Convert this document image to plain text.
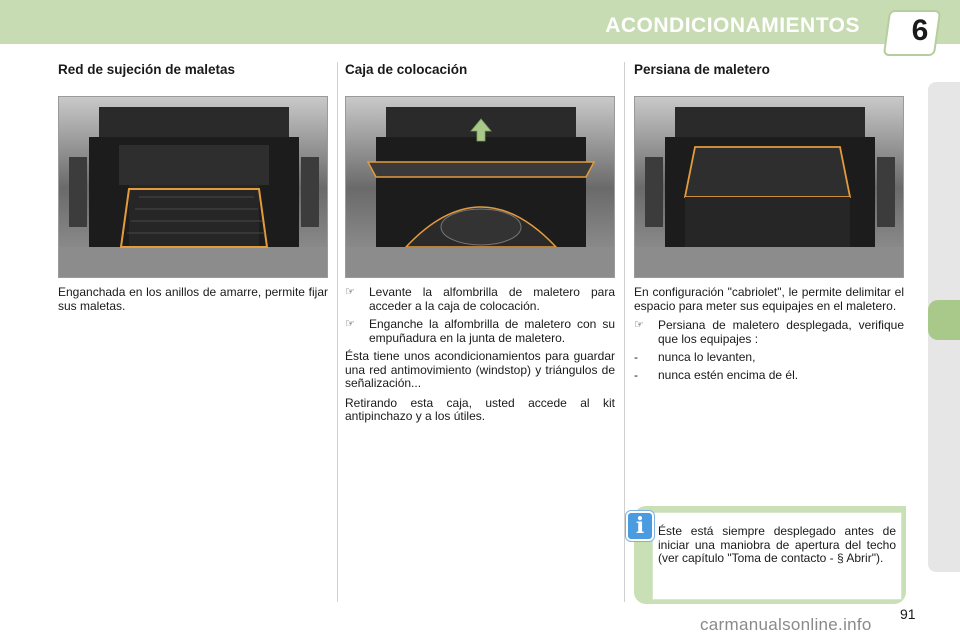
ACONDICIONAMIENTOS	6
Red de sujeción de maletas	Caja de colocación	Persiana de maletero
Enganchada en los anillos de amarre, permite fijar sus maletas.
☞	Levante la alfombrilla de maletero para acceder a la caja de colocación.
☞	Enganche la alfombrilla de maletero con su empuñadura en la junta de maletero.
Ésta tiene unos acondicionamientos para guardar una red antimovimiento (windstop) y triángulos de señalización...
Retirando esta caja, usted accede al kit antipinchazo y a los útiles.
En configuración "cabriolet", le permite delimitar el espacio para meter sus equipajes en el maletero.
☞	Persiana de maletero desplegada, verifique que los equipajes :
-	nunca lo levanten,
-	nunca estén encima de él.
Éste está siempre desplegado antes de iniciar una maniobra de apertura del techo (ver capítulo "Toma de contacto - § Abrir").
i
91
carmanualsonline.info
